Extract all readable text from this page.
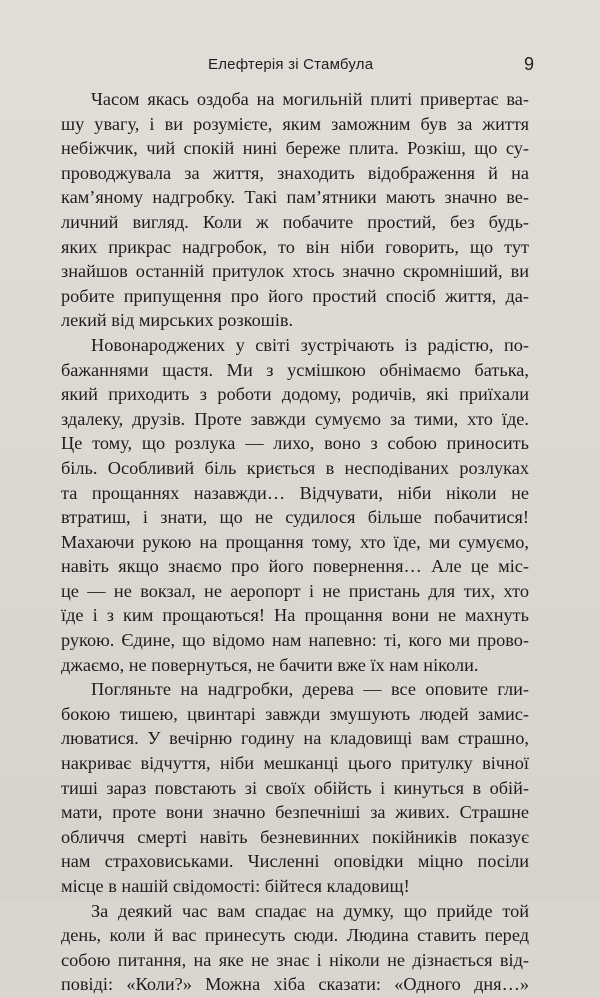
Елефтерія зі Стамбула	9
Часом якась оздоба на могильній плиті привертає ва-
шу увагу, і ви розумієте, яким заможним був за життя
небіжчик, чий спокій нині береже плита. Розкіш, що су-
проводжувала за життя, знаходить відображення й на
кам’яному надгробку. Такі пам’ятники мають значно ве-
личний вигляд. Коли ж побачите простий, без будь-
яких прикрас надгробок, то він ніби говорить, що тут
знайшов останній притулок хтось значно скромніший, ви
робите припущення про його простий спосіб життя, да-
лекий від мирських розкошів.
Новонароджених у світі зустрічають із радістю, по-
бажаннями щастя. Ми з усмішкою обнімаємо батька,
який приходить з роботи додому, родичів, які приїхали
здалеку, друзів. Проте завжди сумуємо за тими, хто їде.
Це тому, що розлука — лихо, воно з собою приносить
біль. Особливий біль криється в несподіваних розлуках
та прощаннях назавжди… Відчувати, ніби ніколи не
втратиш, і знати, що не судилося більше побачитися!
Махаючи рукою на прощання тому, хто їде, ми сумуємо,
навіть якщо знаємо про його повернення… Але це міс-
це — не вокзал, не аеропорт і не пристань для тих, хто
їде і з ким прощаються! На прощання вони не махнуть
рукою. Єдине, що відомо нам напевно: ті, кого ми прово-
джаємо, не повернуться, не бачити вже їх нам ніколи.
Погляньте на надгробки, дерева — все оповите гли-
бокою тишею, цвинтарі завжди змушують людей замис-
люватися. У вечірню годину на кладовищі вам страшно,
накриває відчуття, ніби мешканці цього притулку вічної
тиші зараз повстають зі своїх обійсть і кинуться в обій-
мати, проте вони значно безпечніші за живих. Страшне
обличчя смерті навіть безневинних покійників показує
нам страховиськами. Численні оповідки міцно посіли
місце в нашій свідомості: бійтеся кладовищ!
За деякий час вам спадає на думку, що прийде той
день, коли й вас принесуть сюди. Людина ставить перед
собою питання, на яке не знає і ніколи не дізнається від-
повіді: «Коли?» Можна хіба сказати: «Одного дня…»
